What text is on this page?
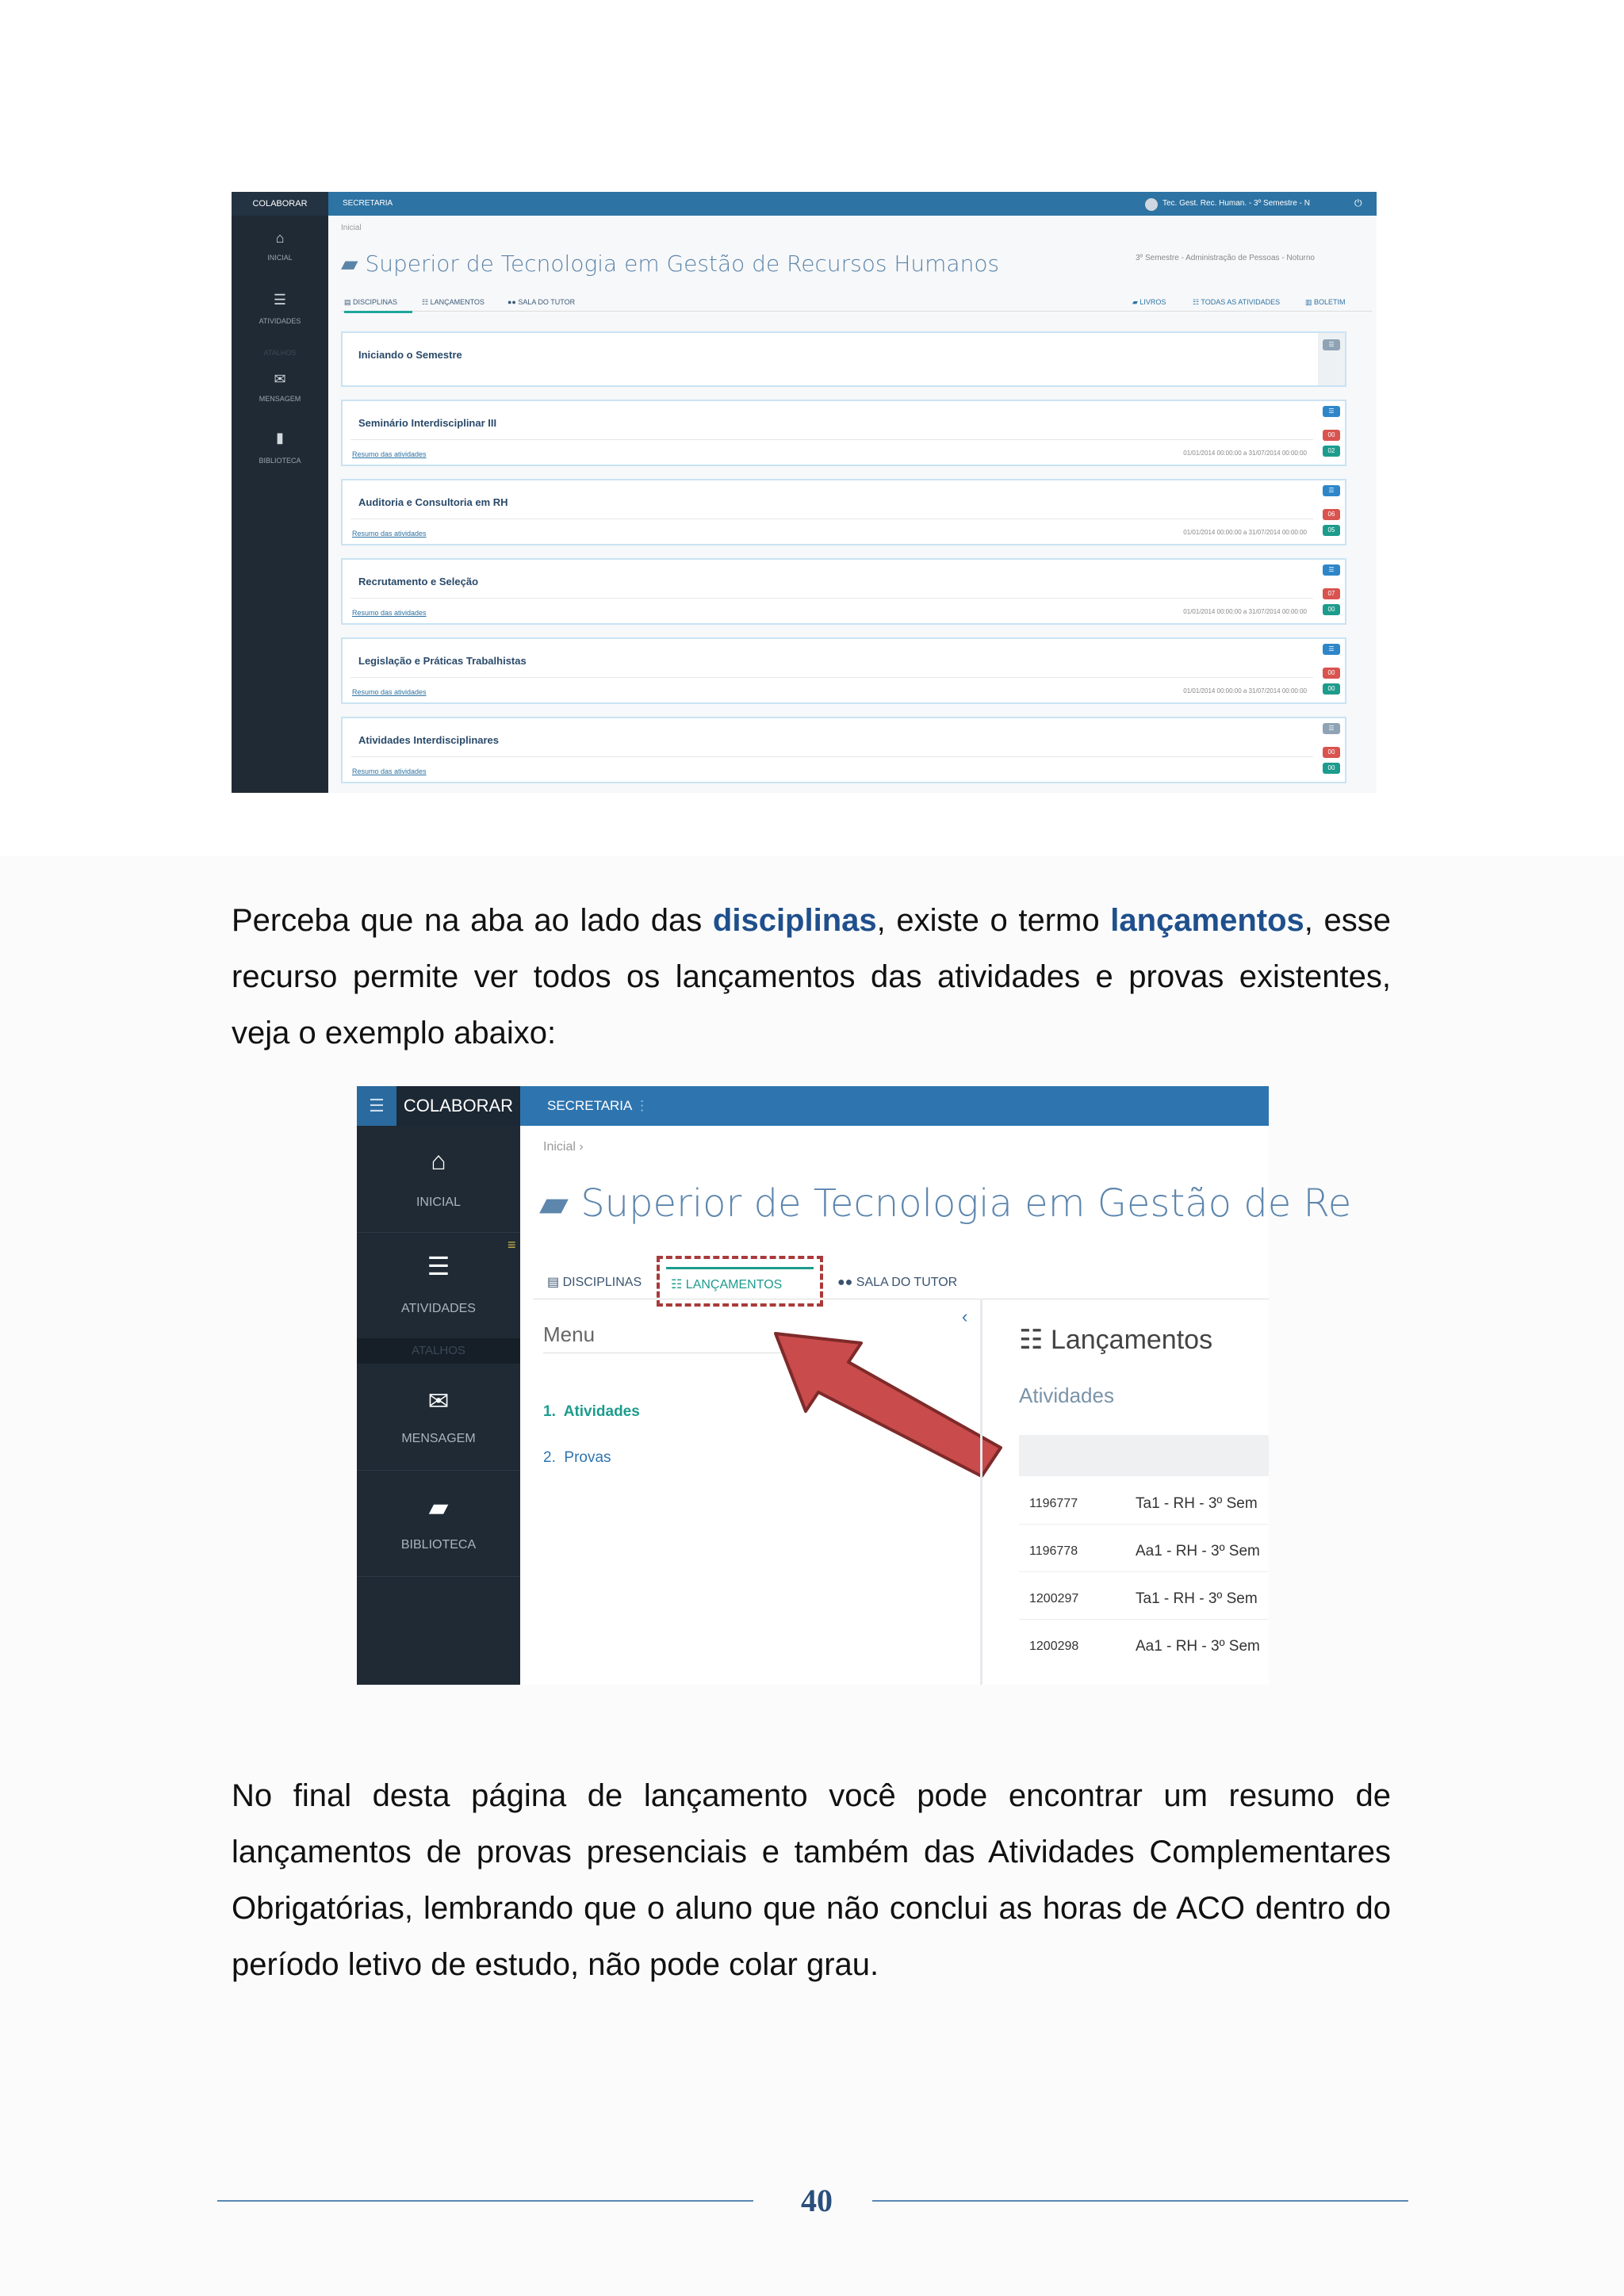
COLABORAR	SECRETARIA	Tec. Gest. Rec. Human. - 3º Semestre - N	⏻
⌂
INICIAL
☰
ATIVIDADES
ATALHOS
✉
MENSAGEM
▮
BIBLIOTECA
Inicial
▰ Superior de Tecnologia em Gestão de Recursos Humanos	3º Semestre - Administração de Pessoas - Noturno
▤ DISCIPLINAS	☷ LANÇAMENTOS	●● SALA DO TUTOR	▰ LIVROS	☷ TODAS AS ATIVIDADES	▥ BOLETIM
Iniciando o Semestre
☰
Seminário Interdisciplinar III
Resumo das atividades	01/01/2014 00:00:00 a 31/07/2014 00:00:00
☰
00
02
Auditoria e Consultoria em RH
Resumo das atividades	01/01/2014 00:00:00 a 31/07/2014 00:00:00
☰
06
05
Recrutamento e Seleção
Resumo das atividades	01/01/2014 00:00:00 a 31/07/2014 00:00:00
☰
07
00
Legislação e Práticas Trabalhistas
Resumo das atividades	01/01/2014 00:00:00 a 31/07/2014 00:00:00
☰
00
00
Atividades Interdisciplinares
Resumo das atividades
☰
00
00
Perceba que na aba ao lado das disciplinas, existe o termo lançamentos, esse recurso permite ver todos os lançamentos das atividades e provas existentes, veja o exemplo abaixo:
☰	COLABORAR	SECRETARIA ⋮
⌂
INICIAL
☰
ATIVIDADES
ATALHOS
✉
MENSAGEM
▰
BIBLIOTECA
≡
Inicial ›
▰ Superior de Tecnologia em Gestão de Re
▤ DISCIPLINAS	☷ LANÇAMENTOS	●● SALA DO TUTOR
Menu
1. Atividades
2. Provas
‹
☷ Lançamentos
Atividades
1196777	Ta1 - RH - 3º Sem
1196778	Aa1 - RH - 3º Sem
1200297	Ta1 - RH - 3º Sem
1200298	Aa1 - RH - 3º Sem
No final desta página de lançamento você pode encontrar um resumo de lançamentos de provas presenciais e também das Atividades Complementares Obrigatórias, lembrando que o aluno que não conclui as horas de ACO dentro do período letivo de estudo, não pode colar grau.
40
